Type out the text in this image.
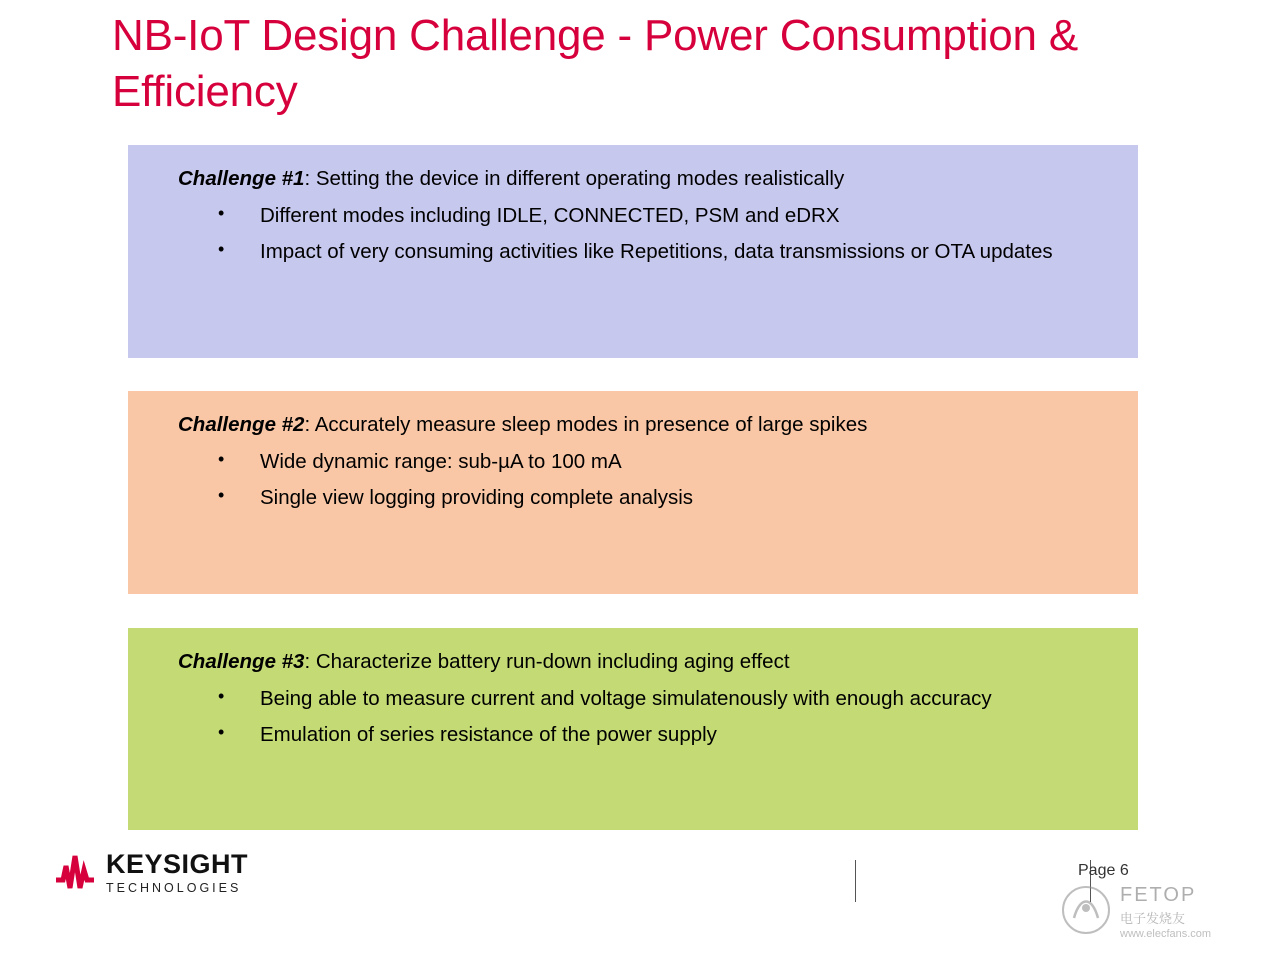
NB-IoT Design Challenge - Power Consumption & Efficiency

Challenge #1: Setting the device in different operating modes realistically

• Different modes including IDLE, CONNECTED, PSM and eDRX
• Impact of very consuming activities like Repetitions, data transmissions or OTA updates

Challenge #2: Accurately measure sleep modes in presence of large spikes

• Wide dynamic range: sub-µA to 100 mA
• Single view logging providing complete analysis

Challenge #3: Characterize battery run-down including aging effect

• Being able to measure current and voltage simulatenously with enough accuracy
• Emulation of series resistance of the power supply
KEYSIGHT
TECHNOLOGIES
Page 6
FETOP
电子发烧友
www.elecfans.com
